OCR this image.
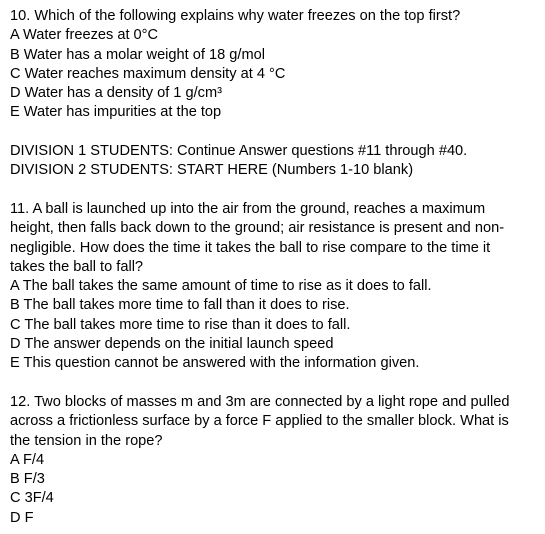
10. Which of the following explains why water freezes on the top first?
A Water freezes at 0°C
B Water has a molar weight of 18 g/mol
C Water reaches maximum density at 4 °C
D Water has a density of 1 g/cm³
E Water has impurities at the top
DIVISION 1 STUDENTS: Continue Answer questions #11 through #40.
DIVISION 2 STUDENTS: START HERE (Numbers 1-10 blank)
11. A ball is launched up into the air from the ground, reaches a maximum
height, then falls back down to the ground; air resistance is present and non-
negligible. How does the time it takes the ball to rise compare to the time it
takes the ball to fall?
A The ball takes the same amount of time to rise as it does to fall.
B The ball takes more time to fall than it does to rise.
C The ball takes more time to rise than it does to fall.
D The answer depends on the initial launch speed
E This question cannot be answered with the information given.
12. Two blocks of masses m and 3m are connected by a light rope and pulled
across a frictionless surface by a force F applied to the smaller block. What is
the tension in the rope?
A F/4
B F/3
C 3F/4
D F
